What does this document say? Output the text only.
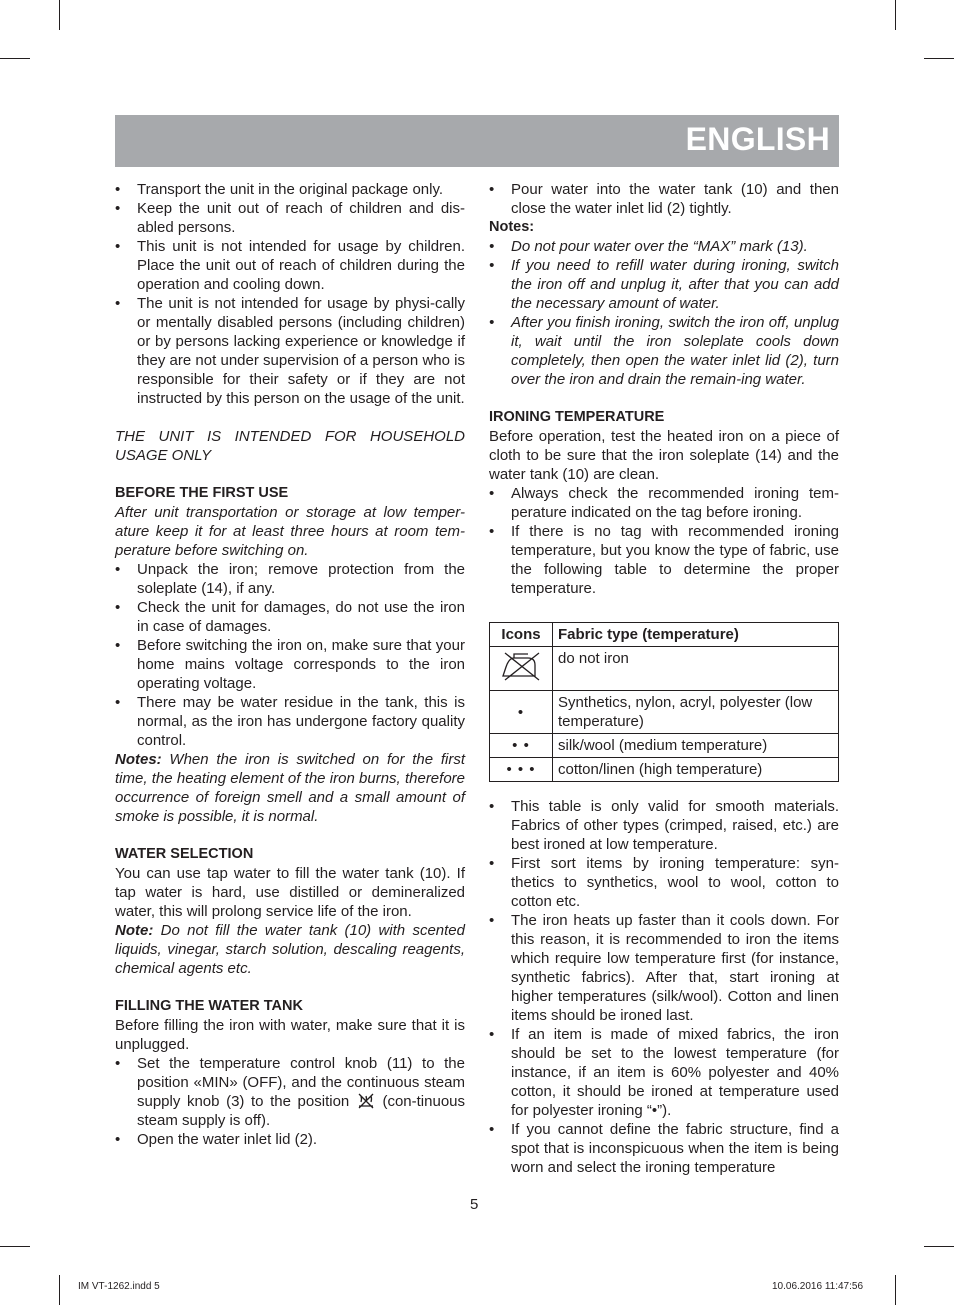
ENGLISH
• Transport the unit in the original package only.
• Keep the unit out of reach of children and dis-abled persons.
• This unit is not intended for usage by children. Place the unit out of reach of children during the operation and cooling down.
• The unit is not intended for usage by physi-cally or mentally disabled persons (including children) or by persons lacking experience or knowledge if they are not under supervision of a person who is responsible for their safety or if they are not instructed by this person on the usage of the unit.

THE UNIT IS INTENDED FOR HOUSEHOLD USAGE ONLY

BEFORE THE FIRST USE

After unit transportation or storage at low temper-ature keep it for at least three hours at room tem-perature before switching on.

• Unpack the iron; remove protection from the soleplate (14), if any.
• Check the unit for damages, do not use the iron in case of damages.
• Before switching the iron on, make sure that your home mains voltage corresponds to the iron operating voltage.
• There may be water residue in the tank, this is normal, as the iron has undergone factory quality control.

Notes: When the iron is switched on for the first time, the heating element of the iron burns, therefore occurrence of foreign smell and a small amount of smoke is possible, it is normal.

WATER SELECTION

You can use tap water to fill the water tank (10). If tap water is hard, use distilled or demineralized water, this will prolong service life of the iron.

Note: Do not fill the water tank (10) with scented liquids, vinegar, starch solution, descaling reagents, chemical agents etc.

FILLING THE WATER TANK

Before filling the iron with water, make sure that it is unplugged.

• Set the temperature control knob (11) to the position «MIN» (OFF), and the continuous steam supply knob (3) to the position  (con-tinuous steam supply is off).
• Open the water inlet lid (2).
• Pour water into the water tank (10) and then close the water inlet lid (2) tightly.

Notes:

• Do not pour water over the “MAX” mark (13).
• If you need to refill water during ironing, switch the iron off and unplug it, after that you can add the necessary amount of water.
• After you finish ironing, switch the iron off, unplug it, wait until the iron soleplate cools down completely, then open the water inlet lid (2), turn over the iron and drain the remain-ing water.

IRONING TEMPERATURE

Before operation, test the heated iron on a piece of cloth to be sure that the iron soleplate (14) and the water tank (10) are clean.

• Always check the recommended ironing tem-perature indicated on the tag before ironing.
• If there is no tag with recommended ironing temperature, but you know the type of fabric, use the following table to determine the proper temperature.
Icons	Fabric type (temperature)
	do not iron
•	Synthetics, nylon, acryl, polyester (low temperature)
• •	silk/wool (medium temperature)
• • •	cotton/linen (high temperature)
• This table is only valid for smooth materials. Fabrics of other types (crimped, raised, etc.) are best ironed at low temperature.
• First sort items by ironing temperature: syn-thetics to synthetics, wool to wool, cotton to cotton etc.
• The iron heats up faster than it cools down. For this reason, it is recommended to iron the items which require low temperature first (for instance, synthetic fabrics). After that, start ironing at higher temperatures (silk/wool). Cotton and linen items should be ironed last.
• If an item is made of mixed fabrics, the iron should be set to the lowest temperature (for instance, if an item is 60% polyester and 40% cotton, it should be ironed at temperature used for polyester ironing “•”).
• If you cannot define the fabric structure, find a spot that is inconspicuous when the item is being worn and select the ironing temperature
5
IM VT-1262.indd 5	10.06.2016 11:47:56
